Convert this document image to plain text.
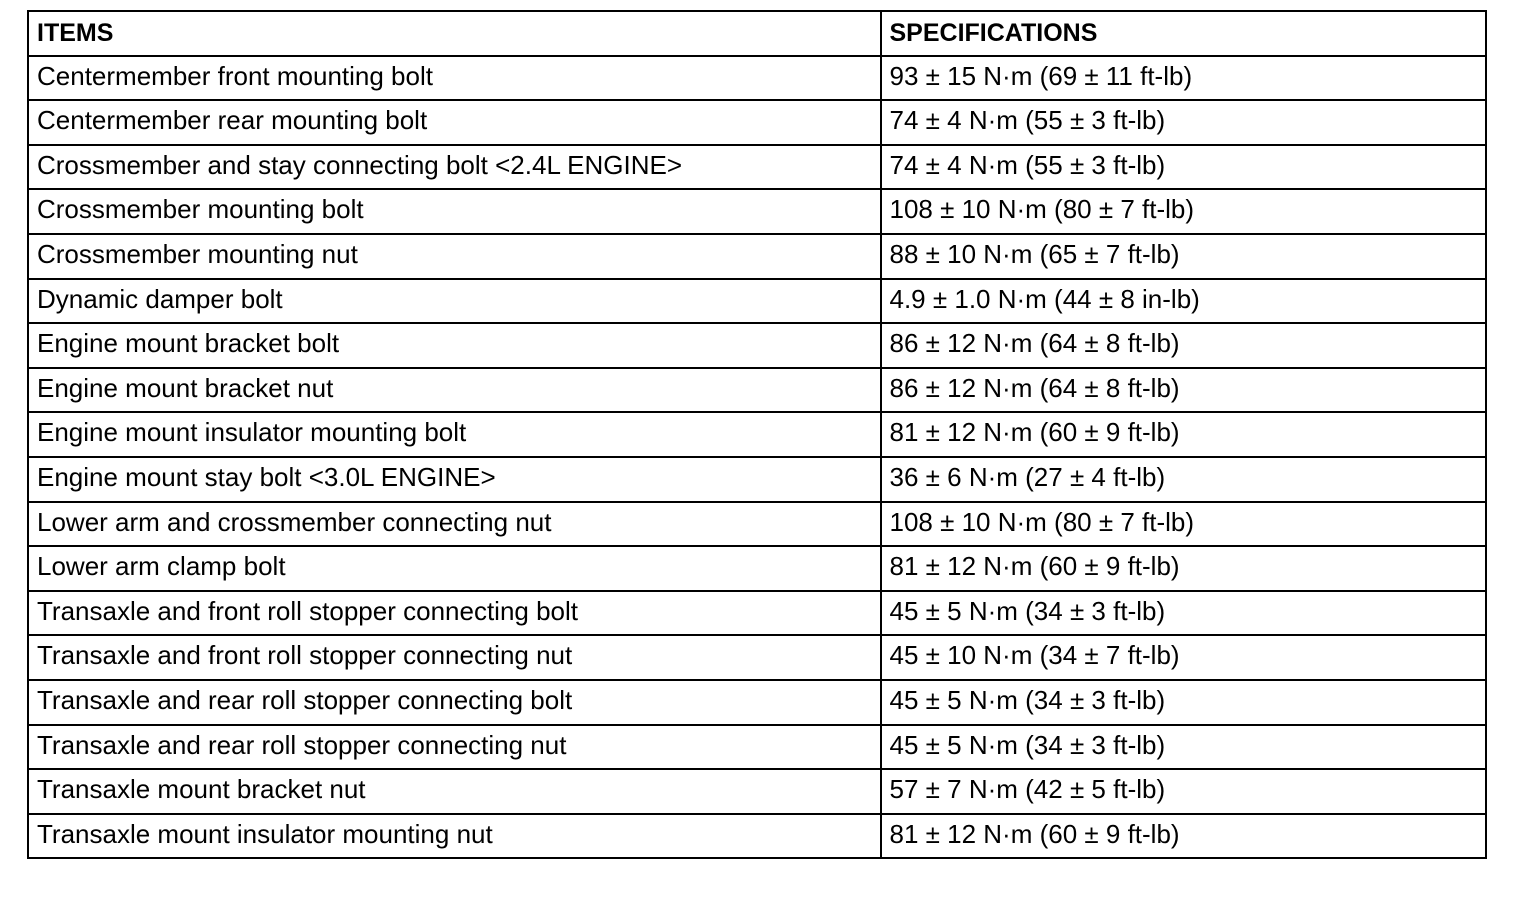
ITEMS	SPECIFICATIONS
Centermember front mounting bolt	93 ± 15 N·m (69 ± 11 ft-lb)
Centermember rear mounting bolt	74 ± 4 N·m (55 ± 3 ft-lb)
Crossmember and stay connecting bolt <2.4L ENGINE>	74 ± 4 N·m (55 ± 3 ft-lb)
Crossmember mounting bolt	108 ± 10 N·m (80 ± 7 ft-lb)
Crossmember mounting nut	88 ± 10 N·m (65 ± 7 ft-lb)
Dynamic damper bolt	4.9 ± 1.0 N·m (44 ± 8 in-lb)
Engine mount bracket bolt	86 ± 12 N·m (64 ± 8 ft-lb)
Engine mount bracket nut	86 ± 12 N·m (64 ± 8 ft-lb)
Engine mount insulator mounting bolt	81 ± 12 N·m (60 ± 9 ft-lb)
Engine mount stay bolt <3.0L ENGINE>	36 ± 6 N·m (27 ± 4 ft-lb)
Lower arm and crossmember connecting nut	108 ± 10 N·m (80 ± 7 ft-lb)
Lower arm clamp bolt	81 ± 12 N·m (60 ± 9 ft-lb)
Transaxle and front roll stopper connecting bolt	45 ± 5 N·m (34 ± 3 ft-lb)
Transaxle and front roll stopper connecting nut	45 ± 10 N·m (34 ± 7 ft-lb)
Transaxle and rear roll stopper connecting bolt	45 ± 5 N·m (34 ± 3 ft-lb)
Transaxle and rear roll stopper connecting nut	45 ± 5 N·m (34 ± 3 ft-lb)
Transaxle mount bracket nut	57 ± 7 N·m (42 ± 5 ft-lb)
Transaxle mount insulator mounting nut	81 ± 12 N·m (60 ± 9 ft-lb)
